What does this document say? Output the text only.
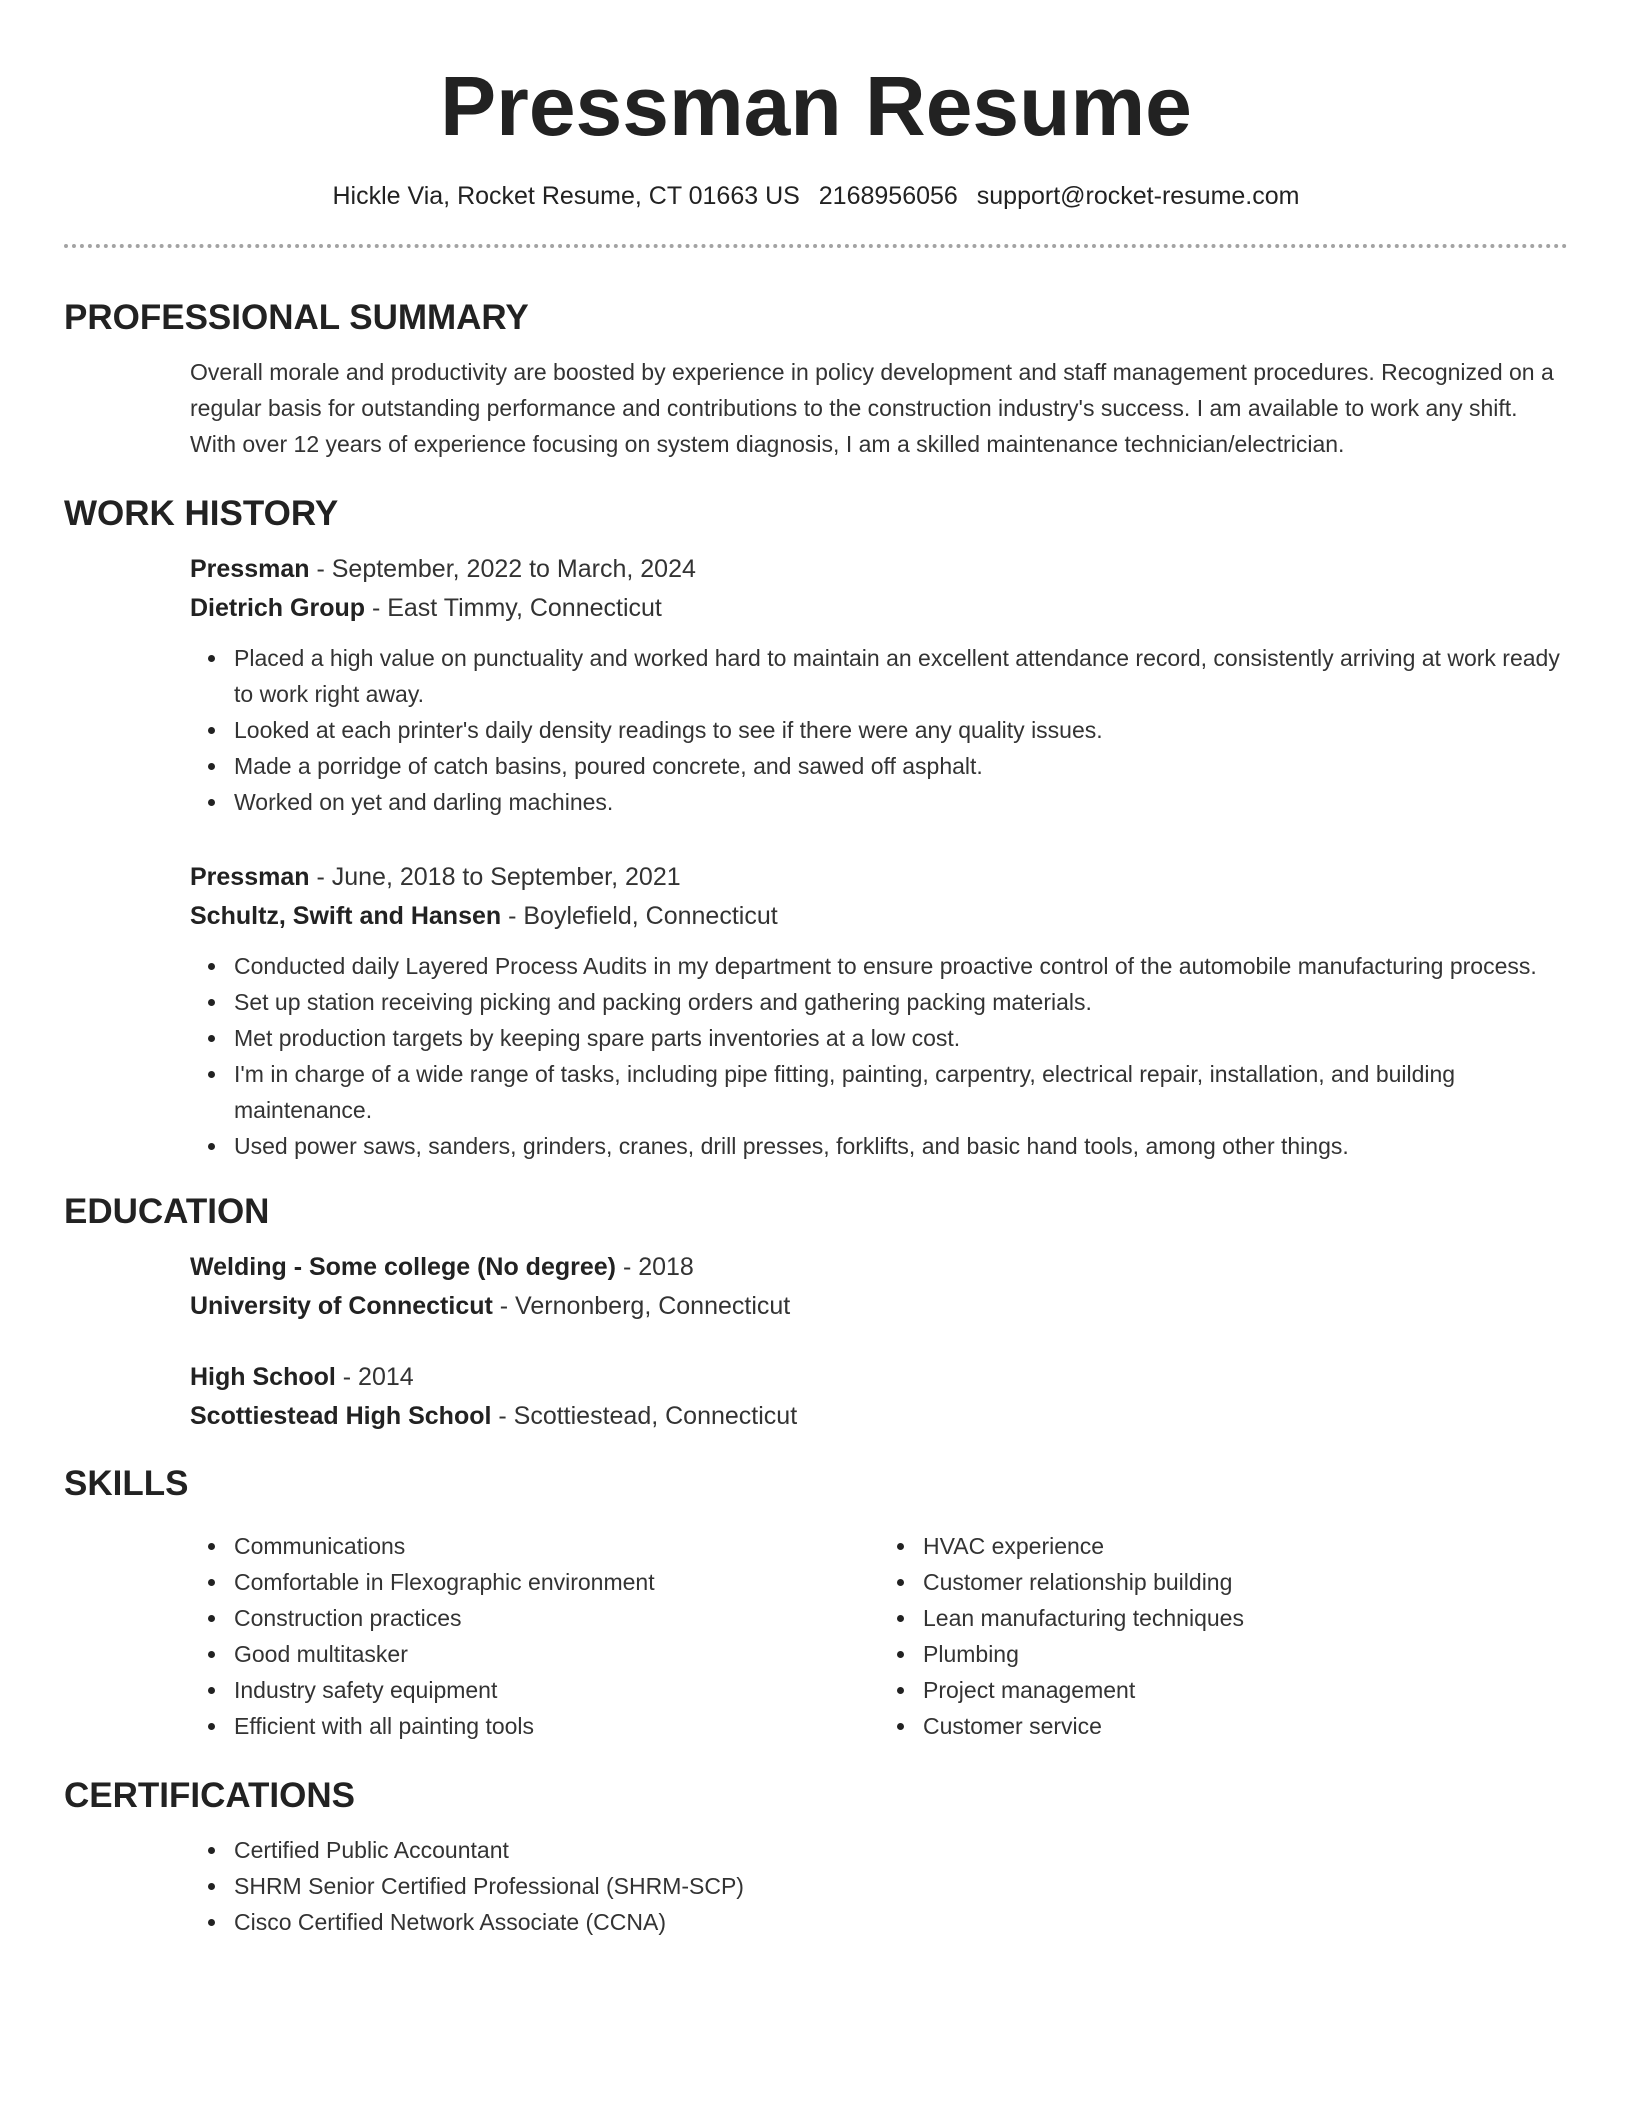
Pressman Resume
Hickle Via, Rocket Resume, CT 01663 US 2168956056 support@rocket-resume.com
PROFESSIONAL SUMMARY

Overall morale and productivity are boosted by experience in policy development and staff management procedures. Recognized on a regular basis for outstanding performance and contributions to the construction industry's success. I am available to work any shift. With over 12 years of experience focusing on system diagnosis, I am a skilled maintenance technician/electrician.

WORK HISTORY
Pressman - September, 2022 to March, 2024
Dietrich Group - East Timmy, Connecticut
Placed a high value on punctuality and worked hard to maintain an excellent attendance record, consistently arriving at work ready to work right away.
Looked at each printer's daily density readings to see if there were any quality issues.
Made a porridge of catch basins, poured concrete, and sawed off asphalt.
Worked on yet and darling machines.
Pressman - June, 2018 to September, 2021
Schultz, Swift and Hansen - Boylefield, Connecticut
Conducted daily Layered Process Audits in my department to ensure proactive control of the automobile manufacturing process.
Set up station receiving picking and packing orders and gathering packing materials.
Met production targets by keeping spare parts inventories at a low cost.
I'm in charge of a wide range of tasks, including pipe fitting, painting, carpentry, electrical repair, installation, and building maintenance.
Used power saws, sanders, grinders, cranes, drill presses, forklifts, and basic hand tools, among other things.
EDUCATION
Welding - Some college (No degree) - 2018
University of Connecticut - Vernonberg, Connecticut
High School - 2014
Scottiestead High School - Scottiestead, Connecticut
SKILLS
Communications
Comfortable in Flexographic environment
Construction practices
Good multitasker
Industry safety equipment
Efficient with all painting tools
HVAC experience
Customer relationship building
Lean manufacturing techniques
Plumbing
Project management
Customer service
CERTIFICATIONS
Certified Public Accountant
SHRM Senior Certified Professional (SHRM-SCP)
Cisco Certified Network Associate (CCNA)
